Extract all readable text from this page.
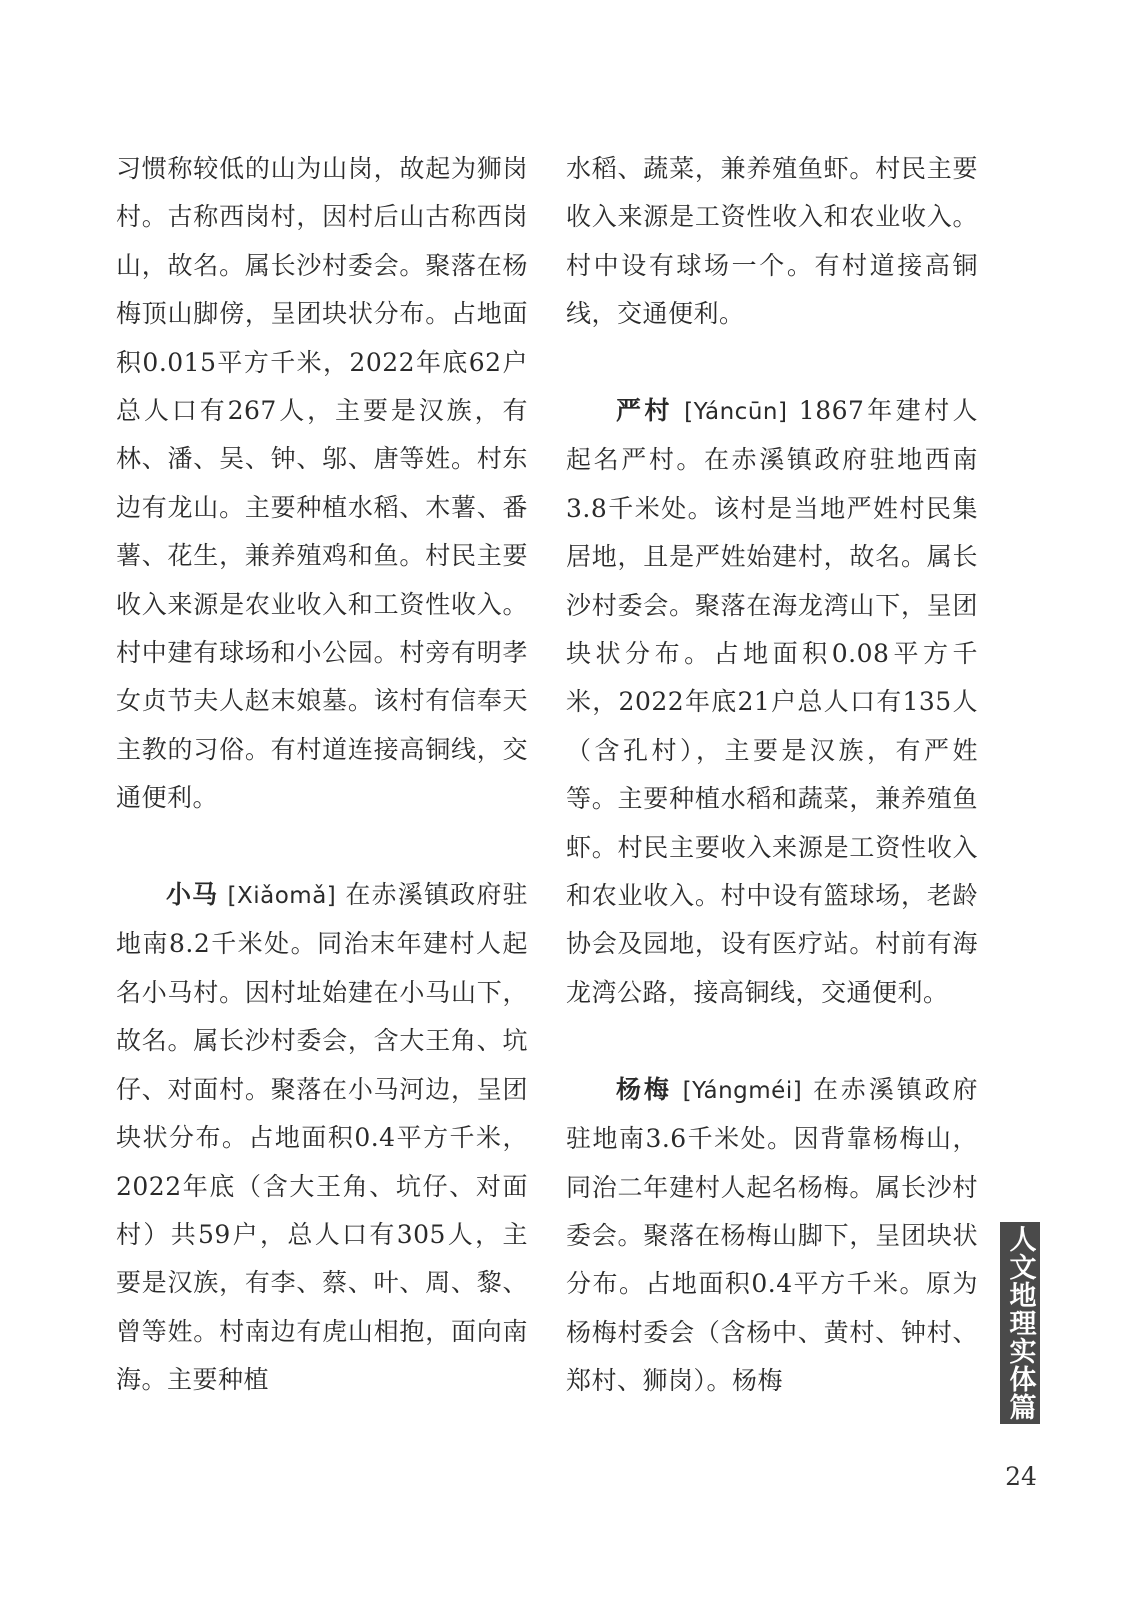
习惯称较低的山为山岗，故起为狮岗村。古称西岗村，因村后山古称西岗山，故名。属长沙村委会。聚落在杨梅顶山脚傍，呈团块状分布。占地面积0.015平方千米，2022年底62户总人口有267人，主要是汉族，有林、潘、吴、钟、邬、唐等姓。村东边有龙山。主要种植水稻、木薯、番薯、花生，兼养殖鸡和鱼。村民主要收入来源是农业收入和工资性收入。村中建有球场和小公园。村旁有明孝女贞节夫人赵末娘墓。该村有信奉天主教的习俗。有村道连接高铜线，交通便利。

小马 [Xiǎomǎ] 在赤溪镇政府驻地南8.2千米处。同治末年建村人起名小马村。因村址始建在小马山下，故名。属长沙村委会，含大王角、坑仔、对面村。聚落在小马河边，呈团块状分布。占地面积0.4平方千米，2022年底（含大王角、坑仔、对面村）共59户，总人口有305人，主要是汉族，有李、蔡、叶、周、黎、曾等姓。村南边有虎山相抱，面向南海。主要种植

水稻、蔬菜，兼养殖鱼虾。村民主要收入来源是工资性收入和农业收入。村中设有球场一个。有村道接高铜线，交通便利。

严村 [Yáncūn] 1867年建村人起名严村。在赤溪镇政府驻地西南3.8千米处。该村是当地严姓村民集居地，且是严姓始建村，故名。属长沙村委会。聚落在海龙湾山下，呈团块状分布。占地面积0.08平方千米，2022年底21户总人口有135人（含孔村），主要是汉族，有严姓等。主要种植水稻和蔬菜，兼养殖鱼虾。村民主要收入来源是工资性收入和农业收入。村中设有篮球场，老龄协会及园地，设有医疗站。村前有海龙湾公路，接高铜线，交通便利。

杨梅 [Yángméi] 在赤溪镇政府驻地南3.6千米处。因背靠杨梅山，同治二年建村人起名杨梅。属长沙村委会。聚落在杨梅山脚下，呈团块状分布。占地面积0.4平方千米。原为杨梅村委会（含杨中、黄村、钟村、郑村、狮岗）。杨梅	人文地理实体篇
24
